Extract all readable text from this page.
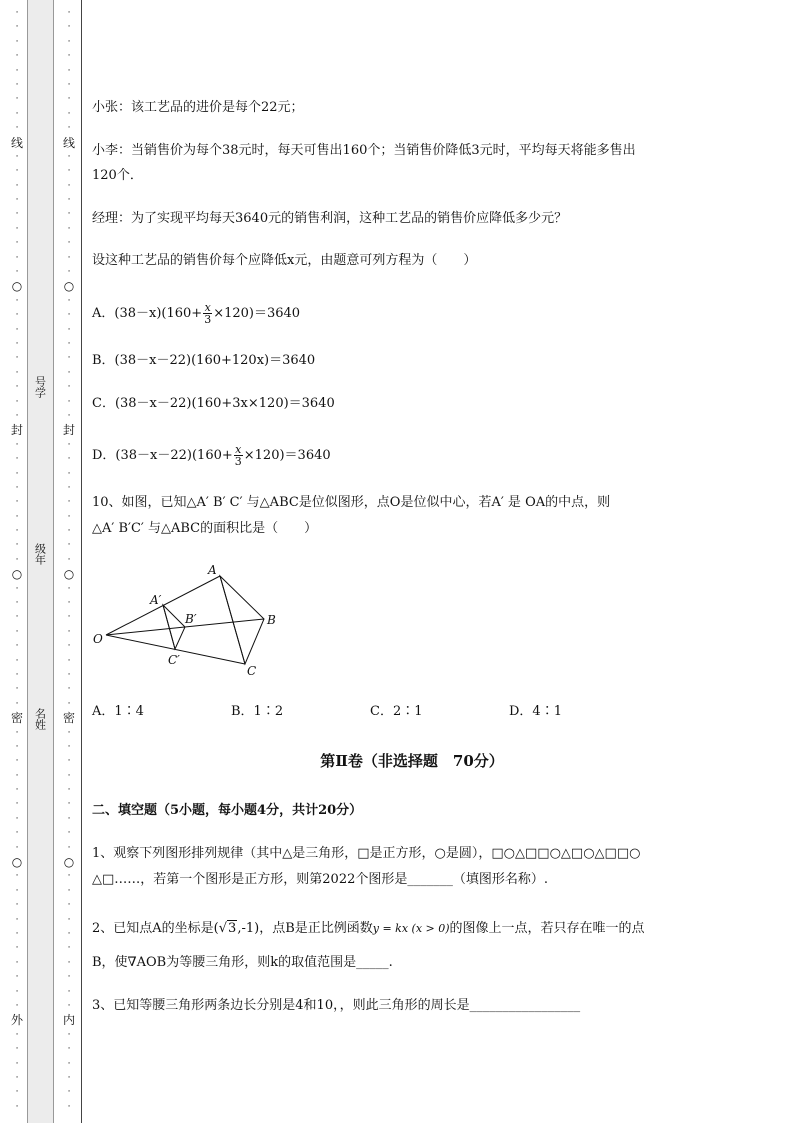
·
·
·
·
·
·
·
·
·
线
·
·
·
·
·
·
·
·
·
○
·
·
·
·
·
·
·
·
·
封
·
·
·
·
·
·
·
·
·
○
·
·
·
·
·
·
·
·
·
密
·
·
·
·
·
·
·
·
·
○
·
·
·
·
·
·
·
·
·
·
外
·
·
·
·
·
·
号学
级年
名姓
·
·
·
·
·
·
·
·
·
线
·
·
·
·
·
·
·
·
·
○
·
·
·
·
·
·
·
·
·
封
·
·
·
·
·
·
·
·
·
○
·
·
·
·
·
·
·
·
·
密
·
·
·
·
·
·
·
·
·
○
·
·
·
·
·
·
·
·
·
·
内
·
·
·
·
·
·
小张：该工艺品的进价是每个22元；
小李：当销售价为每个38元时，每天可售出160个；当销售价降低3元时，平均每天将能多售出
120个．
经理：为了实现平均每天3640元的销售利润，这种工艺品的销售价应降低多少元？
设这种工艺品的销售价每个应降低x元，由题意可列方程为（　　）
A．$(38-x)(160+ \frac{x}{3} \times 120)=3640$
B．(38－x－22)(160+120x)＝3640
C．(38－x－22)(160+3x×120)＝3640
D．$(38-x-22)(160+ \frac{x}{3} \times 120)=3640$
10、如图，已知△A′ B′ C′ 与△ABC是位似图形，点O是位似中心，若A′ 是 OA的中点，则
△A′ B′C′ 与△ABC的面积比是（　　）
A
A′
B
B′
C
C′
O
A．1∶4	B．1∶2	C．2∶1	D．4∶1
第Ⅱ卷（非选择题　70分）
二、填空题（5小题，每小题4分，共计20分）
1、观察下列图形排列规律（其中△是三角形，□是正方形，○是圆），□○△□□○△□○△□□○
△□……，若第一个图形是正方形，则第2022个图形是_______（填图形名称）.
2、已知点A的坐标是(√3,-1)，点B是正比例函数y = kx (x > 0)的图像上一点，若只存在唯一的点
B，使∇AOB为等腰三角形，则k的取值范围是_____.
3、已知等腰三角形两条边长分别是4和10，，则此三角形的周长是_________________
